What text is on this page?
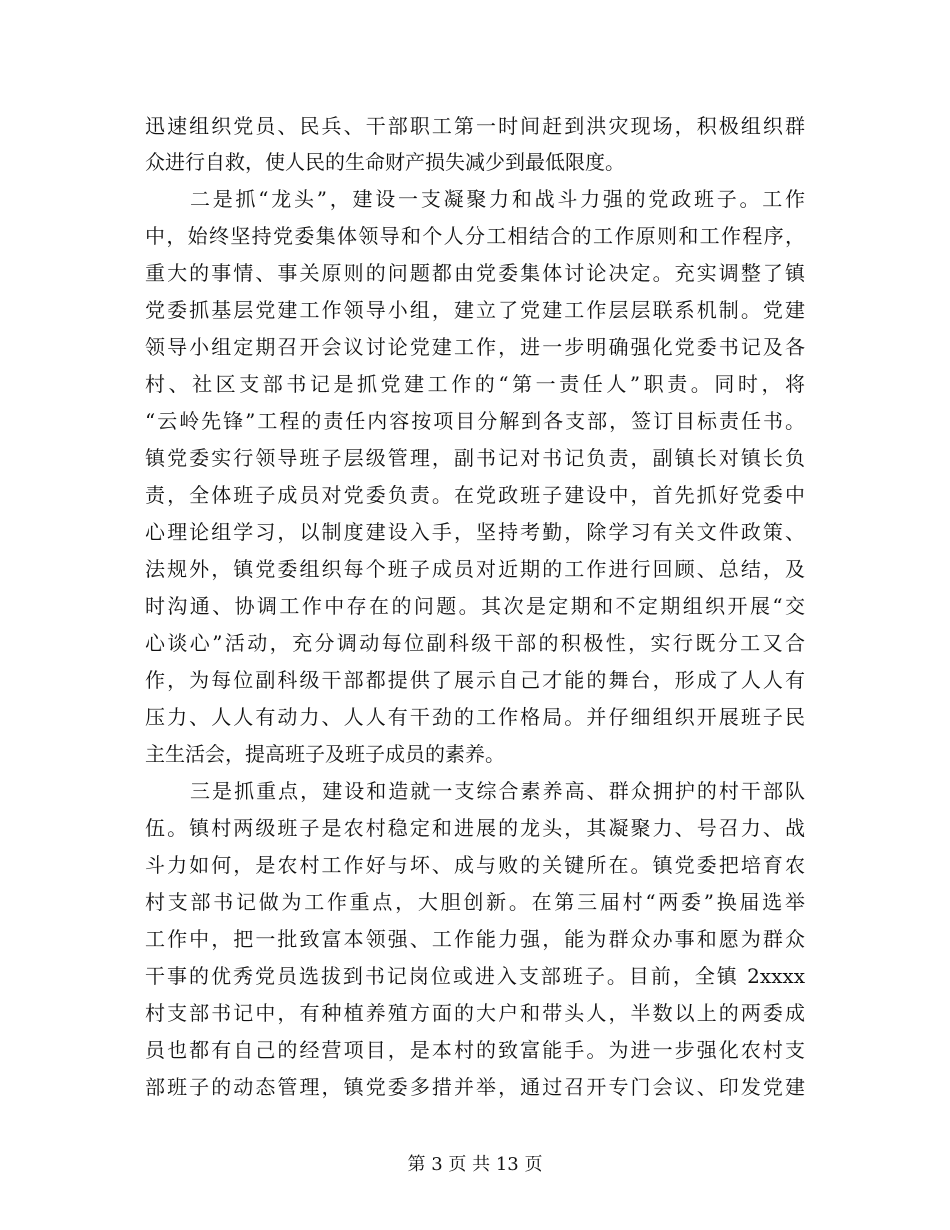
迅速组织党员、民兵、干部职工第一时间赶到洪灾现场，积极组织群
众进行自救，使人民的生命财产损失减少到最低限度。
二是抓“龙头”，建设一支凝聚力和战斗力强的党政班子。工作
中，始终坚持党委集体领导和个人分工相结合的工作原则和工作程序，
重大的事情、事关原则的问题都由党委集体讨论决定。充实调整了镇
党委抓基层党建工作领导小组，建立了党建工作层层联系机制。党建
领导小组定期召开会议讨论党建工作，进一步明确强化党委书记及各
村、社区支部书记是抓党建工作的“第一责任人”职责。同时，将
“云岭先锋”工程的责任内容按项目分解到各支部，签订目标责任书。
镇党委实行领导班子层级管理，副书记对书记负责，副镇长对镇长负
责，全体班子成员对党委负责。在党政班子建设中，首先抓好党委中
心理论组学习，以制度建设入手，坚持考勤，除学习有关文件政策、
法规外，镇党委组织每个班子成员对近期的工作进行回顾、总结，及
时沟通、协调工作中存在的问题。其次是定期和不定期组织开展“交
心谈心”活动，充分调动每位副科级干部的积极性，实行既分工又合
作，为每位副科级干部都提供了展示自己才能的舞台，形成了人人有
压力、人人有动力、人人有干劲的工作格局。并仔细组织开展班子民
主生活会，提高班子及班子成员的素养。
三是抓重点，建设和造就一支综合素养高、群众拥护的村干部队
伍。镇村两级班子是农村稳定和进展的龙头，其凝聚力、号召力、战
斗力如何，是农村工作好与坏、成与败的关键所在。镇党委把培育农
村支部书记做为工作重点，大胆创新。在第三届村“两委”换届选举
工作中，把一批致富本领强、工作能力强，能为群众办事和愿为群众
干事的优秀党员选拔到书记岗位或进入支部班子。目前，全镇 2xxxx
村支部书记中，有种植养殖方面的大户和带头人，半数以上的两委成
员也都有自己的经营项目，是本村的致富能手。为进一步强化农村支
部班子的动态管理，镇党委多措并举，通过召开专门会议、印发党建
第 3 页 共 13 页
